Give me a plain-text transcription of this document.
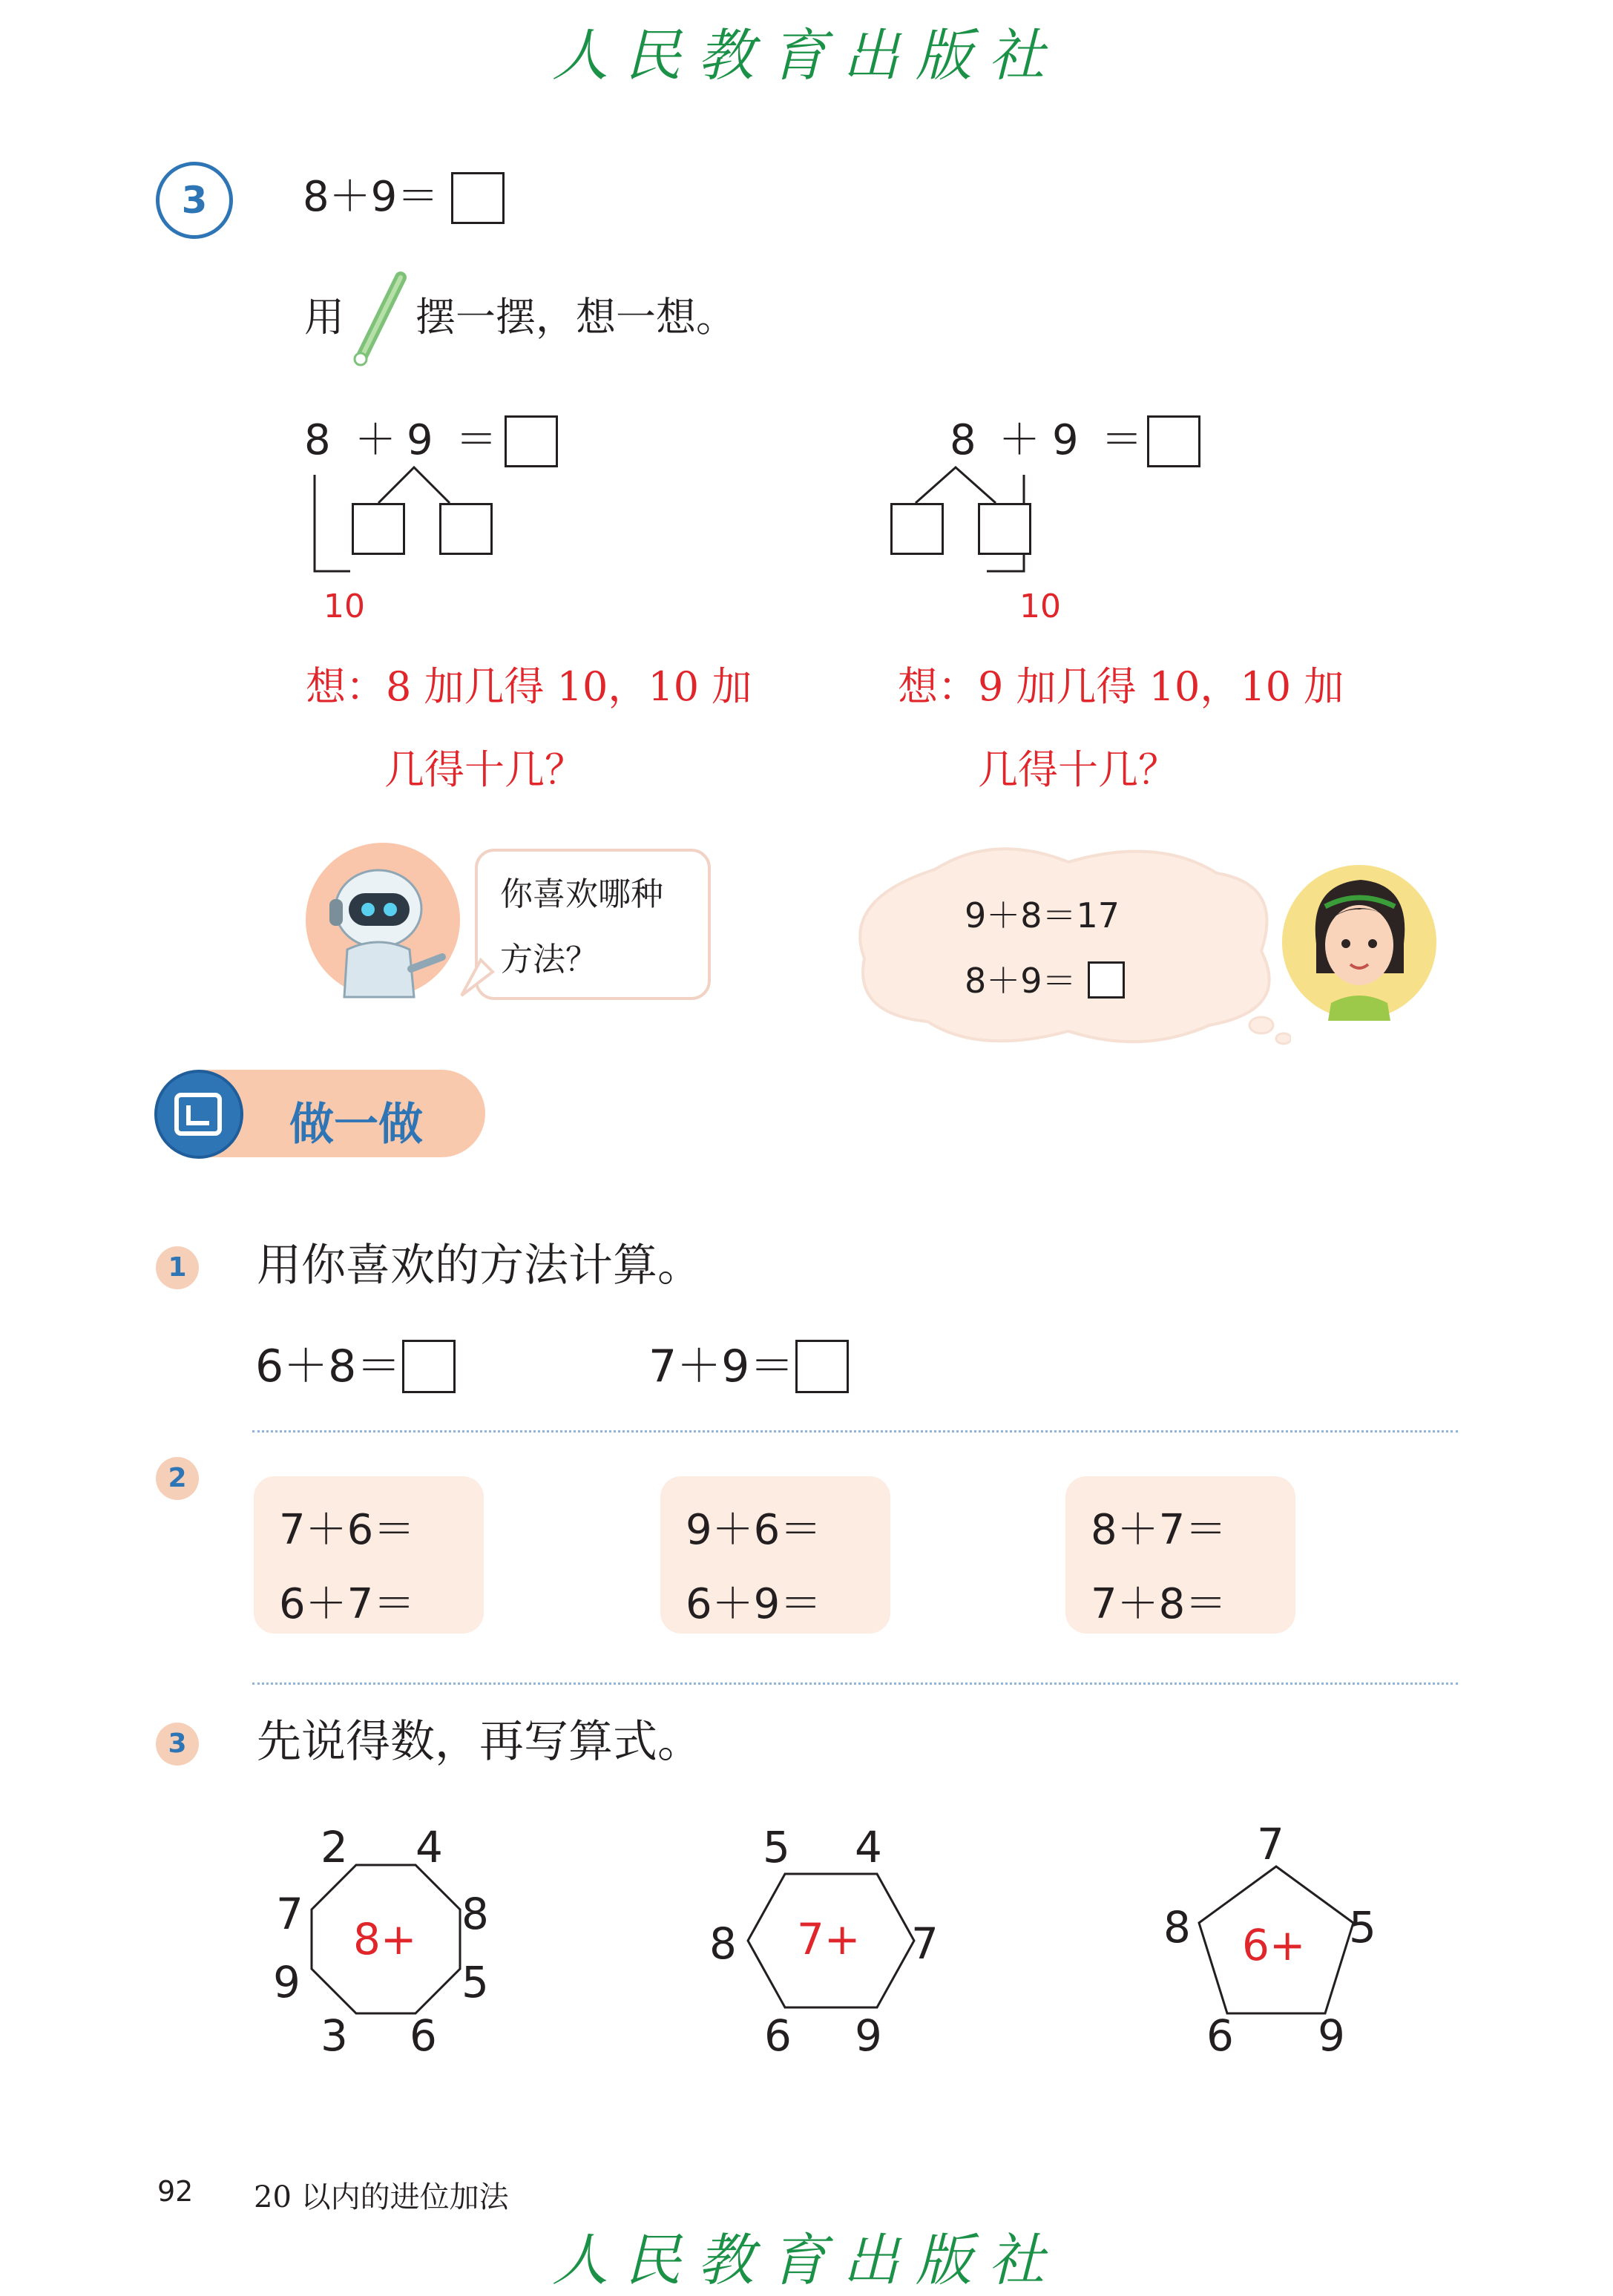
人民教育出版社
3	8＋9＝
用 摆一摆，想一想。
8 ＋ 9 ＝
10
想：8 加几得 10，10 加
几得十几？
8 ＋ 9 ＝
10
想：9 加几得 10，10 加
几得十几？
你喜欢哪种
方法？
9＋8＝17
8＋9＝
做一做
1 用你喜欢的方法计算。
6＋8＝	7＋9＝
2
7＋6＝
6＋7＝
9＋6＝
6＋9＝
8＋7＝
7＋8＝
3 先说得数，再写算式。
8+
2 4
8
5
6
3
9
7	7+
5 4
7
9
6
8	6+
7
5
9
6
8
92 20 以内的进位加法
人民教育出版社
